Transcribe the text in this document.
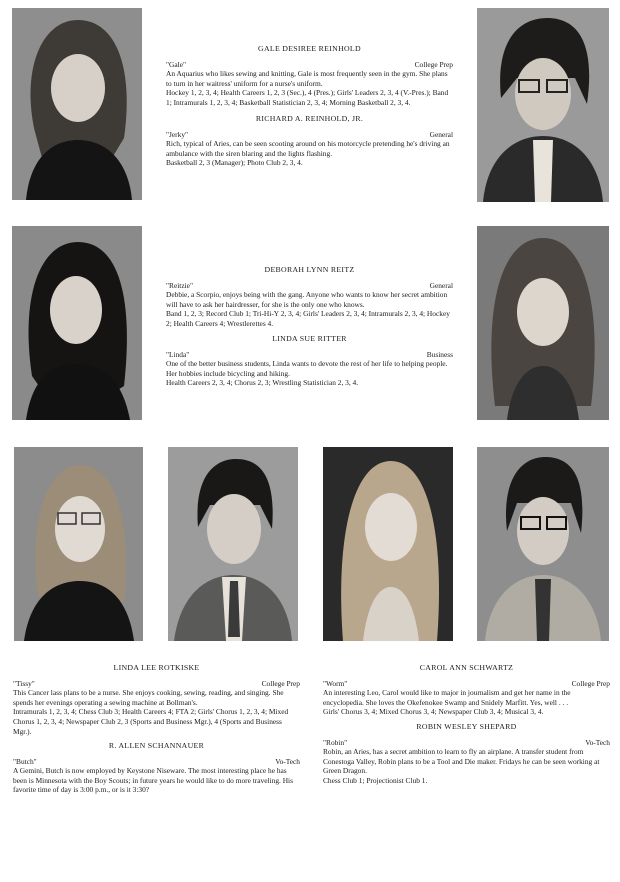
GALE DESIREE REINHOLD
"Gale"	College Prep

An Aquarius who likes sewing and knitting, Gale is most frequently seen in the gym. She plans to turn in her waitress' uniform for a nurse's uniform.

Hockey 1, 2, 3, 4; Health Careers 1, 2, 3 (Sec.), 4 (Pres.); Girls' Leaders 2, 3, 4 (V.-Pres.); Band 1; Intramurals 1, 2, 3, 4; Basketball Statistician 2, 3, 4; Morning Basketball 2, 3, 4.

RICHARD A. REINHOLD, JR.
"Jerky"	General

Rich, typical of Aries, can be seen scooting around on his motorcycle pretending he's driving an ambulance with the siren blaring and the lights flashing.

Basketball 2, 3 (Manager); Photo Club 2, 3, 4.

DEBORAH LYNN REITZ
"Reitzie"	General

Debbie, a Scorpio, enjoys being with the gang. Anyone who wants to know her secret ambition will have to ask her hairdresser, for she is the only one who knows.

Band 1, 2, 3; Record Club 1; Tri-Hi-Y 2, 3, 4; Girls' Leaders 2, 3, 4; Intramurals 2, 3, 4; Hockey 2; Health Careers 4; Wrestlerettes 4.

LINDA SUE RITTER
"Linda"	Business

One of the better business students, Linda wants to devote the rest of her life to helping people. Her hobbies include bicycling and hiking.

Health Careers 2, 3, 4; Chorus 2, 3; Wrestling Statistician 2, 3, 4.

LINDA LEE ROTKISKE
"Tissy"	College Prep

This Cancer lass plans to be a nurse. She enjoys cooking, sewing, reading, and singing. She spends her evenings operating a sewing machine at Bollman's.

Intramurals 1, 2, 3, 4; Chess Club 3; Health Careers 4; FTA 2; Girls' Chorus 1, 2, 3, 4; Mixed Chorus 1, 2, 3, 4; Newspaper Club 2, 3 (Sports and Business Mgr.), 4 (Sports and Business Mgr.).

R. ALLEN SCHANNAUER
"Butch"	Vo-Tech

A Gemini, Butch is now employed by Keystone Niseware. The most interesting place he has been is Minnesota with the Boy Scouts; in future years he would like to do more traveling. His favorite time of day is 3:00 p.m., or is it 3:30?

CAROL ANN SCHWARTZ
"Worm"	College Prep

An interesting Leo, Carol would like to major in journalism and get her name in the encyclopedia. She loves the Okefenokee Swamp and Snidely Marfitt. Yes, well . . .

Girls' Chorus 3, 4; Mixed Chorus 3, 4; Newspaper Club 3, 4; Musical 3, 4.

ROBIN WESLEY SHEPARD
"Robin"	Vo-Tech

Robin, an Aries, has a secret ambition to learn to fly an airplane. A transfer student from Conestoga Valley, Robin plans to be a Tool and Die maker. Fridays he can be seen working at Green Dragon.

Chess Club 1; Projectionist Club 1.
